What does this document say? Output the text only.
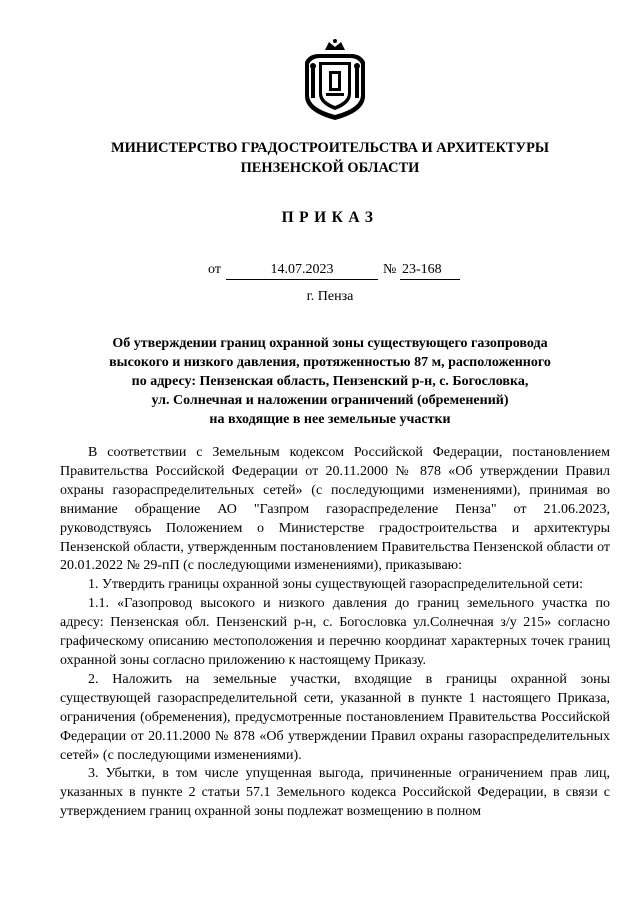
МИНИСТЕРСТВО ГРАДОСТРОИТЕЛЬСТВА И АРХИТЕКТУРЫ
ПЕНЗЕНСКОЙ ОБЛАСТИ
ПРИКАЗ
от	14.07.2023	№ 23-168
г. Пенза
Об утверждении границ охранной зоны существующего газопровода
высокого и низкого давления, протяженностью 87 м, расположенного
по адресу: Пензенская область, Пензенский р-н, с. Богословка,
ул. Солнечная и наложении ограничений (обременений)
на входящие в нее земельные участки

В соответствии с Земельным кодексом Российской Федерации, постановлением Правительства Российской Федерации от 20.11.2000 № 878 «Об утверждении Правил охраны газораспределительных сетей» (с последующими изменениями), принимая во внимание обращение АО "Газпром газораспределение Пенза" от 21.06.2023, руководствуясь Положением о Министерстве градостроительства и архитектуры Пензенской области, утвержденным постановлением Правительства Пензенской области от 20.01.2022 № 29-пП (с последующими изменениями), приказываю:

1. Утвердить границы охранной зоны существующей газораспределительной сети:

1.1. «Газопровод высокого и низкого давления до границ земельного участка по адресу: Пензенская обл. Пензенский р-н, с. Богословка ул.Солнечная з/у 215» согласно графическому описанию местоположения и перечню координат характерных точек границ охранной зоны согласно приложению к настоящему Приказу.

2. Наложить на земельные участки, входящие в границы охранной зоны существующей газораспределительной сети, указанной в пункте 1 настоящего Приказа, ограничения (обременения), предусмотренные постановлением Правительства Российской Федерации от 20.11.2000 № 878 «Об утверждении Правил охраны газораспределительных сетей» (с последующими изменениями).

3. Убытки, в том числе упущенная выгода, причиненные ограничением прав лиц, указанных в пункте 2 статьи 57.1 Земельного кодекса Российской Федерации, в связи с утверждением границ охранной зоны подлежат возмещению в полном
